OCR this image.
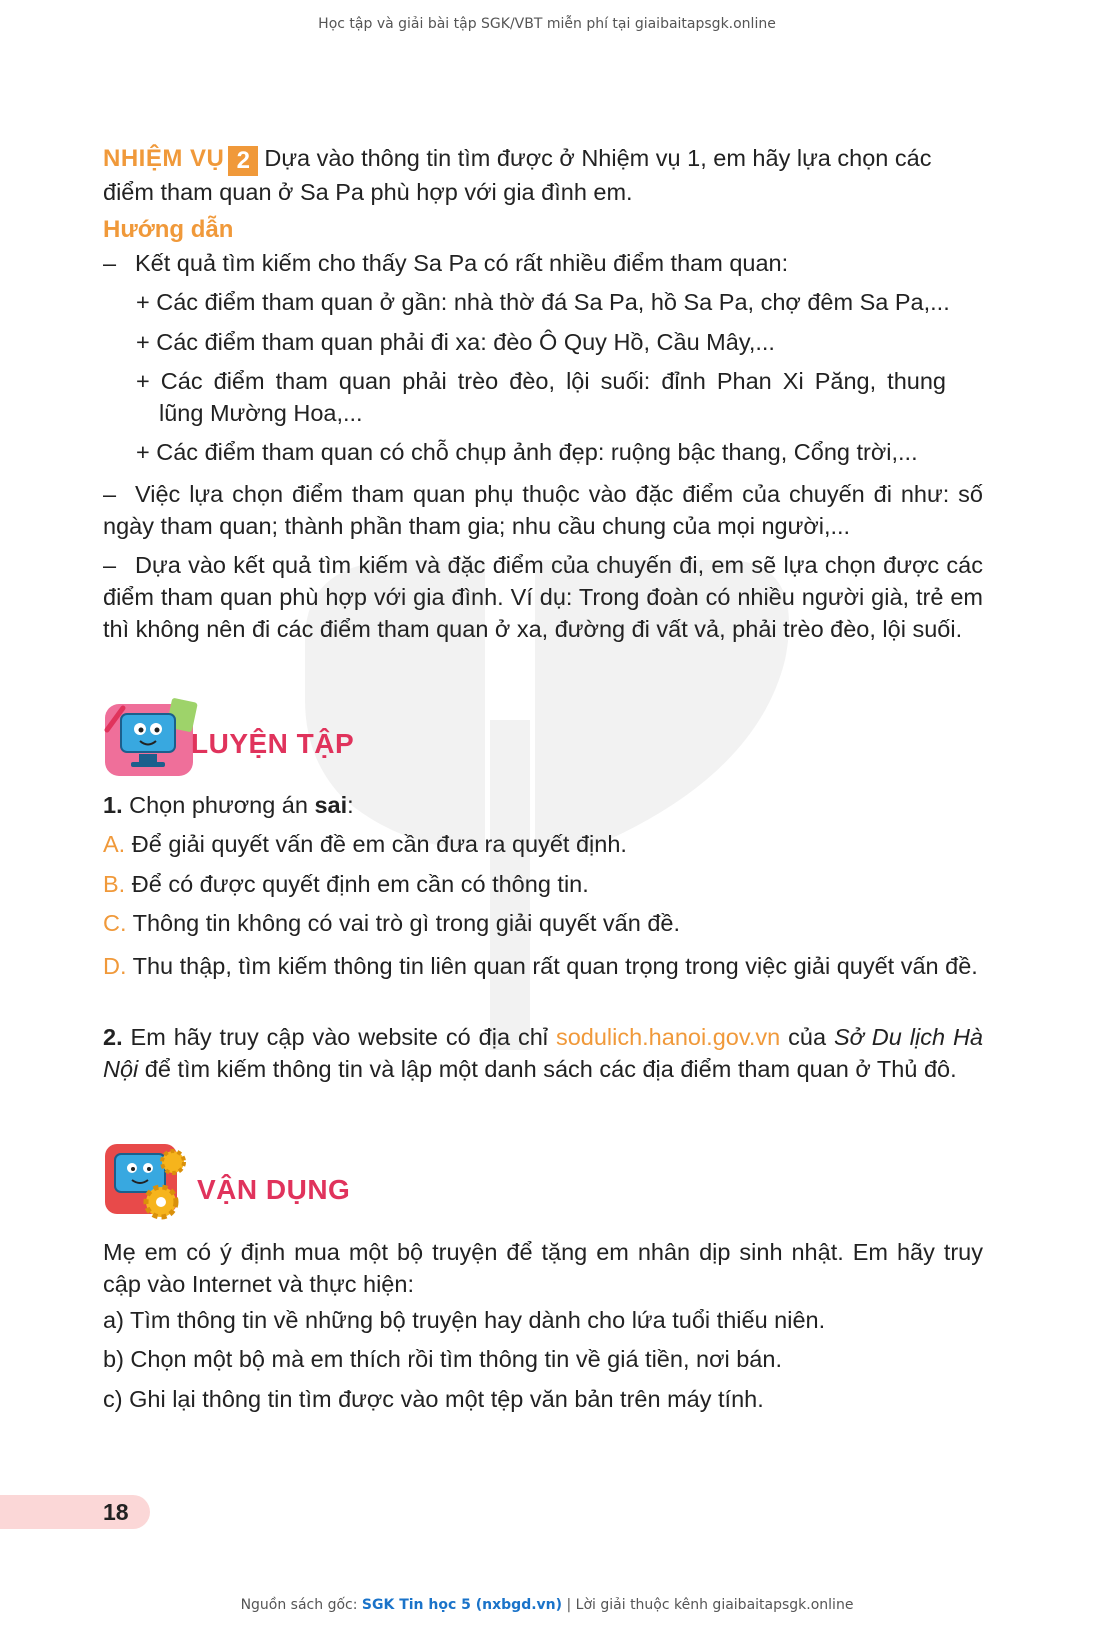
Học tập và giải bài tập SGK/VBT miễn phí tại giaibaitapsgk.online
NHIỆM VỤ 2 Dựa vào thông tin tìm được ở Nhiệm vụ 1, em hãy lựa chọn các
điểm tham quan ở Sa Pa phù hợp với gia đình em.
Hướng dẫn
– Kết quả tìm kiếm cho thấy Sa Pa có rất nhiều điểm tham quan:
+ Các điểm tham quan ở gần: nhà thờ đá Sa Pa, hồ Sa Pa, chợ đêm Sa Pa,...
+ Các điểm tham quan phải đi xa: đèo Ô Quy Hồ, Cầu Mây,...
+ Các điểm tham quan phải trèo đèo, lội suối: đỉnh Phan Xi Păng, thung
lũng Mường Hoa,...
+ Các điểm tham quan có chỗ chụp ảnh đẹp: ruộng bậc thang, Cổng trời,...
– Việc lựa chọn điểm tham quan phụ thuộc vào đặc điểm của chuyến đi như: số ngày tham quan; thành phần tham gia; nhu cầu chung của mọi người,...
– Dựa vào kết quả tìm kiếm và đặc điểm của chuyến đi, em sẽ lựa chọn được các điểm tham quan phù hợp với gia đình. Ví dụ: Trong đoàn có nhiều người già, trẻ em thì không nên đi các điểm tham quan ở xa, đường đi vất vả, phải trèo đèo, lội suối.
LUYỆN TẬP
1. Chọn phương án sai:
A. Để giải quyết vấn đề em cần đưa ra quyết định.
B. Để có được quyết định em cần có thông tin.
C. Thông tin không có vai trò gì trong giải quyết vấn đề.
D. Thu thập, tìm kiếm thông tin liên quan rất quan trọng trong việc giải quyết vấn đề.
2. Em hãy truy cập vào website có địa chỉ sodulich.hanoi.gov.vn của Sở Du lịch Hà Nội để tìm kiếm thông tin và lập một danh sách các địa điểm tham quan ở Thủ đô.
VẬN DỤNG
Mẹ em có ý định mua một bộ truyện để tặng em nhân dịp sinh nhật. Em hãy truy cập vào Internet và thực hiện:
a) Tìm thông tin về những bộ truyện hay dành cho lứa tuổi thiếu niên.
b) Chọn một bộ mà em thích rồi tìm thông tin về giá tiền, nơi bán.
c) Ghi lại thông tin tìm được vào một tệp văn bản trên máy tính.
18
Nguồn sách gốc: SGK Tin học 5 (nxbgd.vn) | Lời giải thuộc kênh giaibaitapsgk.online
